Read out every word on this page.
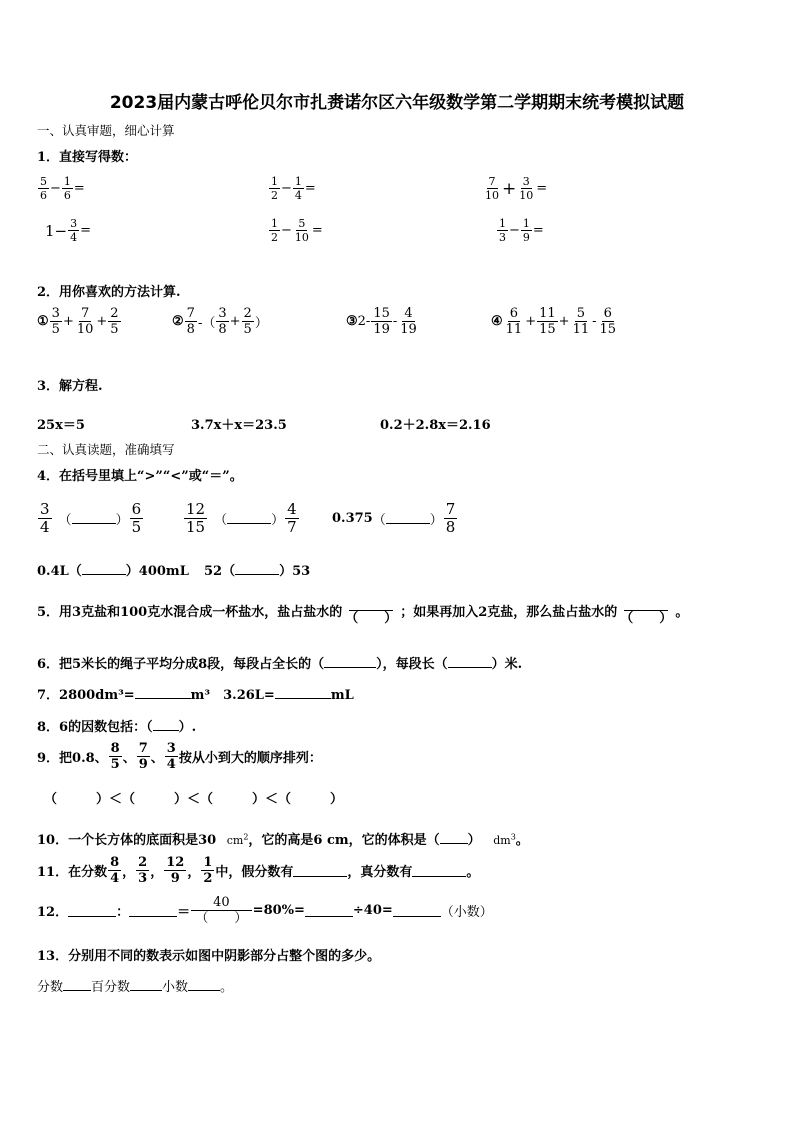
2023届内蒙古呼伦贝尔市扎赉诺尔区六年级数学第二学期期末统考模拟试题
一、认真审题，细心计算
1．直接写得数：
$\frac{5}{6} - \frac{1}{6}$ =	$\frac{1}{2} - \frac{1}{4}$ =	$\frac{7}{10} + \frac{3}{10}$ =
$1- \frac{3}{4}$ =	$\frac{1}{2} - \frac{5}{10}$ =	$\frac{1}{3} - \frac{1}{9}$ =
2．用你喜欢的方法计算.
① $\frac{3}{5} + \frac{7}{10} + \frac{2}{5}$	② $\frac{7}{8}$ -（ $\frac{3}{8} + \frac{2}{5}$ ）	③ $2- \frac{15}{19} - \frac{4}{19}$	④ $\frac{6}{11} + \frac{11}{15} + \frac{5}{11} - \frac{6}{15}$
3．解方程.
25x＝5	3.7x＋x＝23.5	0.2＋2.8x＝2.16
二、认真读题，准确填写
4．在括号里填上“>”“<”或“＝”。
$\frac{3}{4}$ （	） $\frac{6}{5}$	$\frac{12}{15}$ （	） $\frac{4}{7}$	0.375 （	） $\frac{7}{8}$
0.4L（	）400mL 52（	）53
5．用3克盐和100克水混合成一杯盐水，盐占盐水的
（　　） ；如果再加入2克盐，那么盐占盐水的
（　　） 。
6．把5米长的绳子平均分成8段，每段占全长的（	），每段长（	）米.
7．2800dm³=	m³　3.26L=	mL
8．6的因数包括：（ ）.
9．把0.8、 $\frac{8}{5}$ 、 $\frac{7}{9}$ 、 $\frac{3}{4}$ 按从小到大的顺序排列：
（　　　）＜（　　　）＜（　　　）＜（　　　）
10．一个长方体的底面积是30 $cm^2$，它的高是6 cm，它的体积是（ ） $dm^3$。
11．在分数 $\frac{8}{4}$ ， $\frac{2}{3}$ ， $\frac{12}{9}$ ， $\frac{1}{2}$ 中，假分数有	，真分数有	。
12．	：	＝ $\frac{40}{( )} =80\%=$	÷40=	（小数）
13．分别用不同的数表示如图中阴影部分占整个图的多少。
分数 百分数 小数 。
